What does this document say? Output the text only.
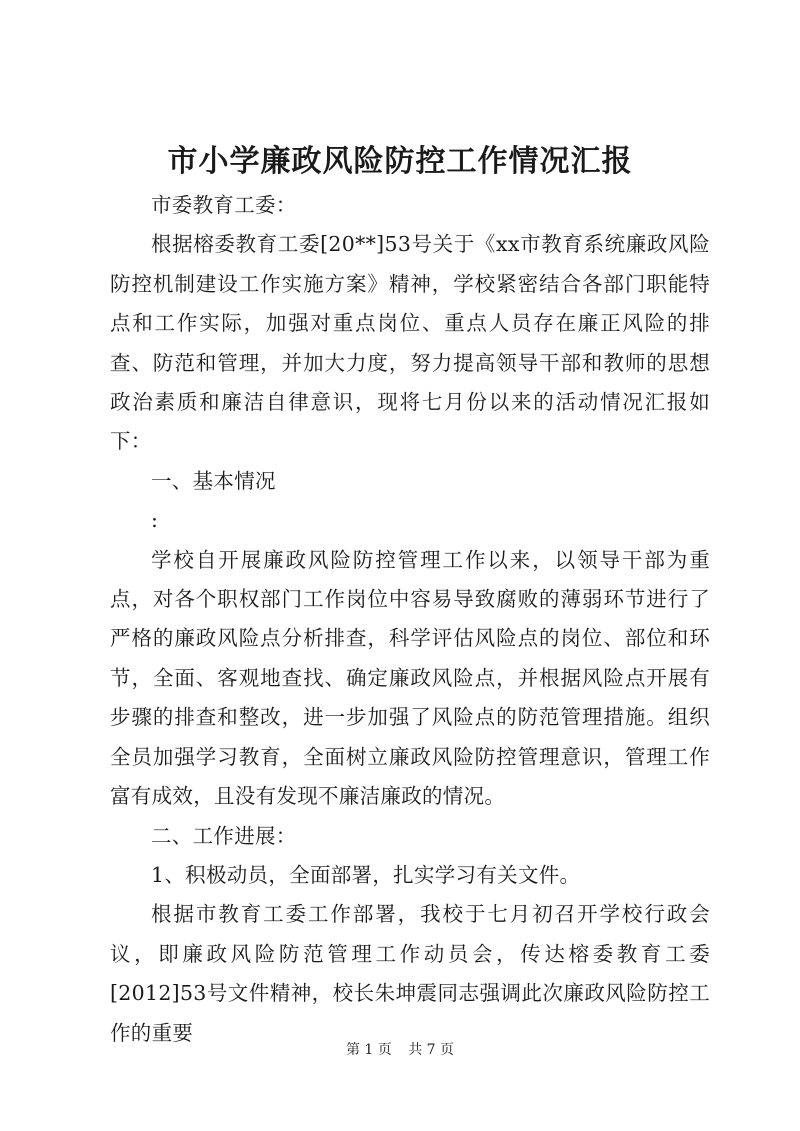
市小学廉政风险防控工作情况汇报

市委教育工委：

根据榕委教育工委[20**]53号关于《xx市教育系统廉政风险防控机制建设工作实施方案》精神，学校紧密结合各部门职能特点和工作实际，加强对重点岗位、重点人员存在廉正风险的排查、防范和管理，并加大力度，努力提高领导干部和教师的思想政治素质和廉洁自律意识，现将七月份以来的活动情况汇报如下：

一、基本情况

:

学校自开展廉政风险防控管理工作以来，以领导干部为重点，对各个职权部门工作岗位中容易导致腐败的薄弱环节进行了严格的廉政风险点分析排查，科学评估风险点的岗位、部位和环节，全面、客观地查找、确定廉政风险点，并根据风险点开展有步骤的排查和整改，进一步加强了风险点的防范管理措施。组织全员加强学习教育，全面树立廉政风险防控管理意识，管理工作富有成效，且没有发现不廉洁廉政的情况。

二、工作进展：

1、积极动员，全面部署，扎实学习有关文件。

根据市教育工委工作部署，我校于七月初召开学校行政会议，即廉政风险防范管理工作动员会，传达榕委教育工委[2012]53号文件精神，校长朱坤震同志强调此次廉政风险防控工作的重要

第 1 页 共 7 页
